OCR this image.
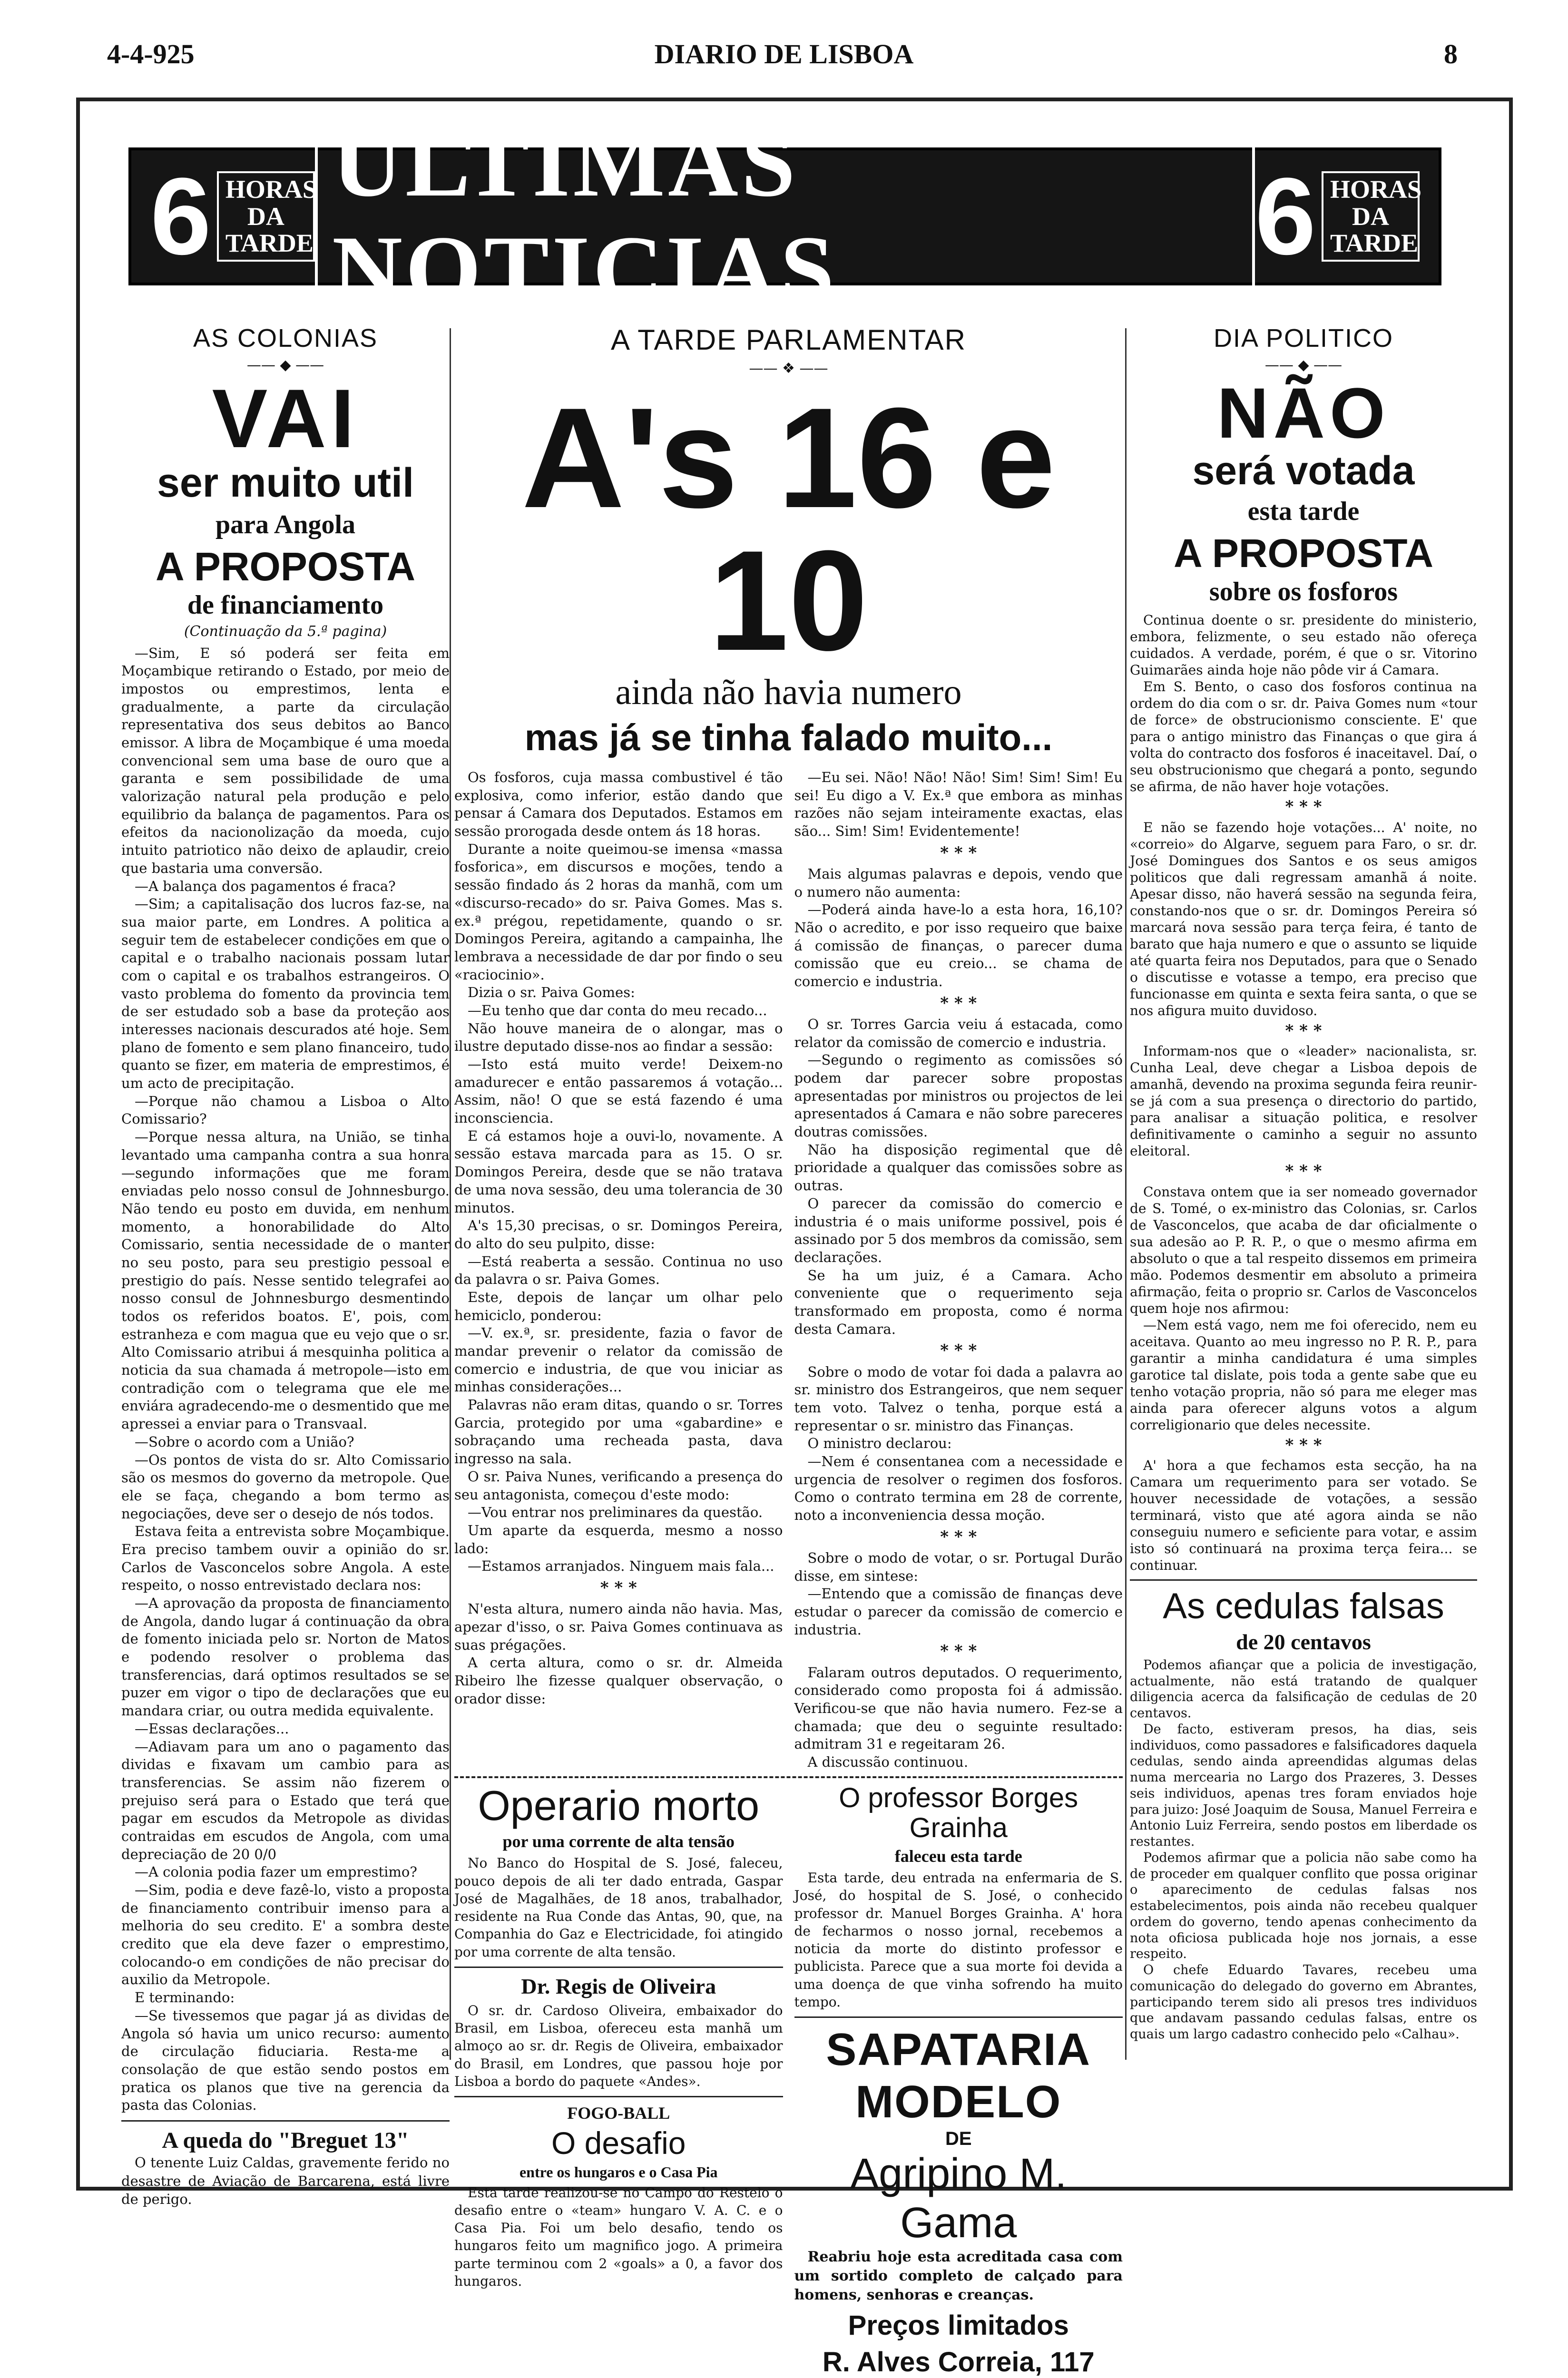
4-4-925	DIARIO DE LISBOA	8
6 HORAS DA TARDE
ULTIMAS NOTICIAS	6 HORAS DA TARDE
AS COLONIAS
—— ◆ ——
VAI
ser muito util
para Angola
A PROPOSTA
de financiamento
(Continuação da 5.ª pagina)

—Sim, E só poderá ser feita em Moçambique retirando o Estado, por meio de impostos ou emprestimos, lenta e gradualmente, a parte da circulação representativa dos seus debitos ao Banco emissor. A libra de Moçambique é uma moeda convencional sem uma base de ouro que a garanta e sem possibilidade de uma valorização natural pela produção e pelo equilibrio da balança de pagamentos. Para os efeitos da nacionolização da moeda, cujo intuito patriotico não deixo de aplaudir, creio que bastaria uma conversão.

—A balança dos pagamentos é fraca?

—Sim; a capitalisação dos lucros faz-se, na sua maior parte, em Londres. A politica a seguir tem de estabelecer condições em que o capital e o trabalho nacionais possam lutar com o capital e os trabalhos estrangeiros. O vasto problema do fomento da provincia tem de ser estudado sob a base da proteção aos interesses nacionais descurados até hoje. Sem plano de fomento e sem plano financeiro, tudo quanto se fizer, em materia de emprestimos, é um acto de precipitação.

—Porque não chamou a Lisboa o Alto Comissario?

—Porque nessa altura, na União, se tinha levantado uma campanha contra a sua honra—segundo informações que me foram enviadas pelo nosso consul de Johnnesburgo. Não tendo eu posto em duvida, em nenhum momento, a honorabilidade do Alto Comissario, sentia necessidade de o manter no seu posto, para seu prestigio pessoal e prestigio do país. Nesse sentido telegrafei ao nosso consul de Johnnesburgo desmentindo todos os referidos boatos. E', pois, com estranheza e com magua que eu vejo que o sr. Alto Comissario atribui á mesquinha politica a noticia da sua chamada á metropole—isto em contradição com o telegrama que ele me enviára agradecendo-me o desmentido que me apressei a enviar para o Transvaal.

—Sobre o acordo com a União?

—Os pontos de vista do sr. Alto Comissario são os mesmos do governo da metropole. Que ele se faça, chegando a bom termo as negociações, deve ser o desejo de nós todos.

Estava feita a entrevista sobre Moçambique. Era preciso tambem ouvir a opinião do sr. Carlos de Vasconcelos sobre Angola. A este respeito, o nosso entrevistado declara nos:

—A aprovação da proposta de financiamento de Angola, dando lugar á continuação da obra de fomento iniciada pelo sr. Norton de Matos e podendo resolver o problema das transferencias, dará optimos resultados se se puzer em vigor o tipo de declarações que eu mandara criar, ou outra medida equivalente.

—Essas declarações...

—Adiavam para um ano o pagamento das dividas e fixavam um cambio para as transferencias. Se assim não fizerem o prejuiso será para o Estado que terá que pagar em escudos da Metropole as dividas contraidas em escudos de Angola, com uma depreciação de 20 0/0

—A colonia podia fazer um emprestimo?

—Sim, podia e deve fazê-lo, visto a proposta de financiamento contribuir imenso para a melhoria do seu credito. E' a sombra deste credito que ela deve fazer o emprestimo, colocando-o em condições de não precisar do auxilio da Metropole.

E terminando:

—Se tivessemos que pagar já as dividas de Angola só havia um unico recurso: aumento de circulação fiduciaria. Resta-me a consolação de que estão sendo postos em pratica os planos que tive na gerencia da pasta das Colonias.

A queda do "Breguet 13"

O tenente Luiz Caldas, gravemente ferido no desastre de Aviação de Barcarena, está livre de perigo.

A TARDE PARLAMENTAR
—— ❖ ——
A's 16 e 10
ainda não havia numero
mas já se tinha falado muito...

Os fosforos, cuja massa combustivel é tão explosiva, como inferior, estão dando que pensar á Camara dos Deputados. Estamos em sessão prorogada desde ontem ás 18 horas.

Durante a noite queimou-se imensa «massa fosforica», em discursos e moções, tendo a sessão findado ás 2 horas da manhã, com um «discurso-recado» do sr. Paiva Gomes. Mas s. ex.ª prégou, repetidamente, quando o sr. Domingos Pereira, agitando a campainha, lhe lembrava a necessidade de dar por findo o seu «raciocinio».

Dizia o sr. Paiva Gomes:

—Eu tenho que dar conta do meu recado...

Não houve maneira de o alongar, mas o ilustre deputado disse-nos ao findar a sessão:

—Isto está muito verde! Deixem-no amadurecer e então passaremos á votação... Assim, não! O que se está fazendo é uma inconsciencia.

E cá estamos hoje a ouvi-lo, novamente. A sessão estava marcada para as 15. O sr. Domingos Pereira, desde que se não tratava de uma nova sessão, deu uma tolerancia de 30 minutos.

A's 15,30 precisas, o sr. Domingos Pereira, do alto do seu pulpito, disse:

—Está reaberta a sessão. Continua no uso da palavra o sr. Paiva Gomes.

Este, depois de lançar um olhar pelo hemiciclo, ponderou:

—V. ex.ª, sr. presidente, fazia o favor de mandar prevenir o relator da comissão de comercio e industria, de que vou iniciar as minhas considerações...

Palavras não eram ditas, quando o sr. Torres Garcia, protegido por uma «gabardine» e sobraçando uma recheada pasta, dava ingresso na sala.

O sr. Paiva Nunes, verificando a presença do seu antagonista, começou d'este modo:

—Vou entrar nos preliminares da questão.

Um aparte da esquerda, mesmo a nosso lado:

—Estamos arranjados. Ninguem mais fala...

* * *

N'esta altura, numero ainda não havia. Mas, apezar d'isso, o sr. Paiva Gomes continuava as suas prégações.

A certa altura, como o sr. dr. Almeida Ribeiro lhe fizesse qualquer observação, o orador disse:

—Eu sei. Não! Não! Não! Sim! Sim! Sim! Eu sei! Eu digo a V. Ex.ª que embora as minhas razões não sejam inteiramente exactas, elas são... Sim! Sim! Evidentemente!

* * *

Mais algumas palavras e depois, vendo que o numero não aumenta:

—Poderá ainda have-lo a esta hora, 16,10? Não o acredito, e por isso requeiro que baixe á comissão de finanças, o parecer duma comissão que eu creio... se chama de comercio e industria.

* * *

O sr. Torres Garcia veiu á estacada, como relator da comissão de comercio e industria.

—Segundo o regimento as comissões só podem dar parecer sobre propostas apresentadas por ministros ou projectos de lei apresentados á Camara e não sobre pareceres doutras comissões.

Não ha disposição regimental que dê prioridade a qualquer das comissões sobre as outras.

O parecer da comissão do comercio e industria é o mais uniforme possivel, pois é assinado por 5 dos membros da comissão, sem declarações.

Se ha um juiz, é a Camara. Acho conveniente que o requerimento seja transformado em proposta, como é norma desta Camara.

* * *

Sobre o modo de votar foi dada a palavra ao sr. ministro dos Estrangeiros, que nem sequer tem voto. Talvez o tenha, porque está a representar o sr. ministro das Finanças.

O ministro declarou:

—Nem é consentanea com a necessidade e urgencia de resolver o regimen dos fosforos. Como o contrato termina em 28 de corrente, noto a inconveniencia dessa moção.

* * *

Sobre o modo de votar, o sr. Portugal Durão disse, em sintese:

—Entendo que a comissão de finanças deve estudar o parecer da comissão de comercio e industria.

* * *

Falaram outros deputados. O requerimento, considerado como proposta foi á admissão. Verificou-se que não havia numero. Fez-se a chamada; que deu o seguinte resultado: admitram 31 e regeitaram 26.

A discussão continuou.

Operario morto
por uma corrente de alta tensão

No Banco do Hospital de S. José, faleceu, pouco depois de ali ter dado entrada, Gaspar José de Magalhães, de 18 anos, trabalhador, residente na Rua Conde das Antas, 90, que, na Companhia do Gaz e Electricidade, foi atingido por uma corrente de alta tensão.

Dr. Regis de Oliveira

O sr. dr. Cardoso Oliveira, embaixador do Brasil, em Lisboa, ofereceu esta manhã um almoço ao sr. dr. Regis de Oliveira, embaixador do Brasil, em Londres, que passou hoje por Lisboa a bordo do paquete «Andes».

FOGO-BALL
O desafio
entre os hungaros e o Casa Pia

Esta tarde realizou-se no Campo do Restelo o desafio entre o «team» hungaro V. A. C. e o Casa Pia. Foi um belo desafio, tendo os hungaros feito um magnifico jogo. A primeira parte terminou com 2 «goals» a 0, a favor dos hungaros.

O professor Borges Grainha
faleceu esta tarde

Esta tarde, deu entrada na enfermaria de S. José, do hospital de S. José, o conhecido professor dr. Manuel Borges Grainha. A' hora de fecharmos o nosso jornal, recebemos a noticia da morte do distinto professor e publicista. Parece que a sua morte foi devida a uma doença de que vinha sofrendo ha muito tempo.

SAPATARIA MODELO
DE
Agripino M. Gama

Reabriu hoje esta acreditada casa com um sortido completo de calçado para homens, senhoras e creanças.

Preços limitados
R. Alves Correia, 117
DIA POLITICO
—— ◆ ——
NÃO
será votada
esta tarde
A PROPOSTA
sobre os fosforos

Continua doente o sr. presidente do ministerio, embora, felizmente, o seu estado não ofereça cuidados. A verdade, porém, é que o sr. Vitorino Guimarães ainda hoje não pôde vir á Camara.

Em S. Bento, o caso dos fosforos continua na ordem do dia com o sr. dr. Paiva Gomes num «tour de force» de obstrucionismo consciente. E' que para o antigo ministro das Finanças o que gira á volta do contracto dos fosforos é inaceitavel. Daí, o seu obstrucionismo que chegará a ponto, segundo se afirma, de não haver hoje votações.

* * *

E não se fazendo hoje votações... A' noite, no «correio» do Algarve, seguem para Faro, o sr. dr. José Domingues dos Santos e os seus amigos politicos que dali regressam amanhã á noite. Apesar disso, não haverá sessão na segunda feira, constando-nos que o sr. dr. Domingos Pereira só marcará nova sessão para terça feira, é tanto de barato que haja numero e que o assunto se liquide até quarta feira nos Deputados, para que o Senado o discutisse e votasse a tempo, era preciso que funcionasse em quinta e sexta feira santa, o que se nos afigura muito duvidoso.

* * *

Informam-nos que o «leader» nacionalista, sr. Cunha Leal, deve chegar a Lisboa depois de amanhã, devendo na proxima segunda feira reunir-se já com a sua presença o directorio do partido, para analisar a situação politica, e resolver definitivamente o caminho a seguir no assunto eleitoral.

* * *

Constava ontem que ia ser nomeado governador de S. Tomé, o ex-ministro das Colonias, sr. Carlos de Vasconcelos, que acaba de dar oficialmente o sua adesão ao P. R. P., o que o mesmo afirma em absoluto o que a tal respeito dissemos em primeira mão. Podemos desmentir em absoluto a primeira afirmação, feita o proprio sr. Carlos de Vasconcelos quem hoje nos afirmou:

—Nem está vago, nem me foi oferecido, nem eu aceitava. Quanto ao meu ingresso no P. R. P., para garantir a minha candidatura é uma simples garotice tal dislate, pois toda a gente sabe que eu tenho votação propria, não só para me eleger mas ainda para oferecer alguns votos a algum correligionario que deles necessite.

* * *

A' hora a que fechamos esta secção, ha na Camara um requerimento para ser votado. Se houver necessidade de votações, a sessão terminará, visto que até agora ainda se não conseguiu numero e seficiente para votar, e assim isto só continuará na proxima terça feira... se continuar.

As cedulas falsas
de 20 centavos

Podemos afiançar que a policia de investigação, actualmente, não está tratando de qualquer diligencia acerca da falsificação de cedulas de 20 centavos.

De facto, estiveram presos, ha dias, seis individuos, como passadores e falsificadores daquela cedulas, sendo ainda apreendidas algumas delas numa mercearia no Largo dos Prazeres, 3. Desses seis individuos, apenas tres foram enviados hoje para juizo: José Joaquim de Sousa, Manuel Ferreira e Antonio Luiz Ferreira, sendo postos em liberdade os restantes.

Podemos afirmar que a policia não sabe como ha de proceder em qualquer conflito que possa originar o aparecimento de cedulas falsas nos estabelecimentos, pois ainda não recebeu qualquer ordem do governo, tendo apenas conhecimento da nota oficiosa publicada hoje nos jornais, a esse respeito.

O chefe Eduardo Tavares, recebeu uma comunicação do delegado do governo em Abrantes, participando terem sido ali presos tres individuos que andavam passando cedulas falsas, entre os quais um largo cadastro conhecido pelo «Calhau».
